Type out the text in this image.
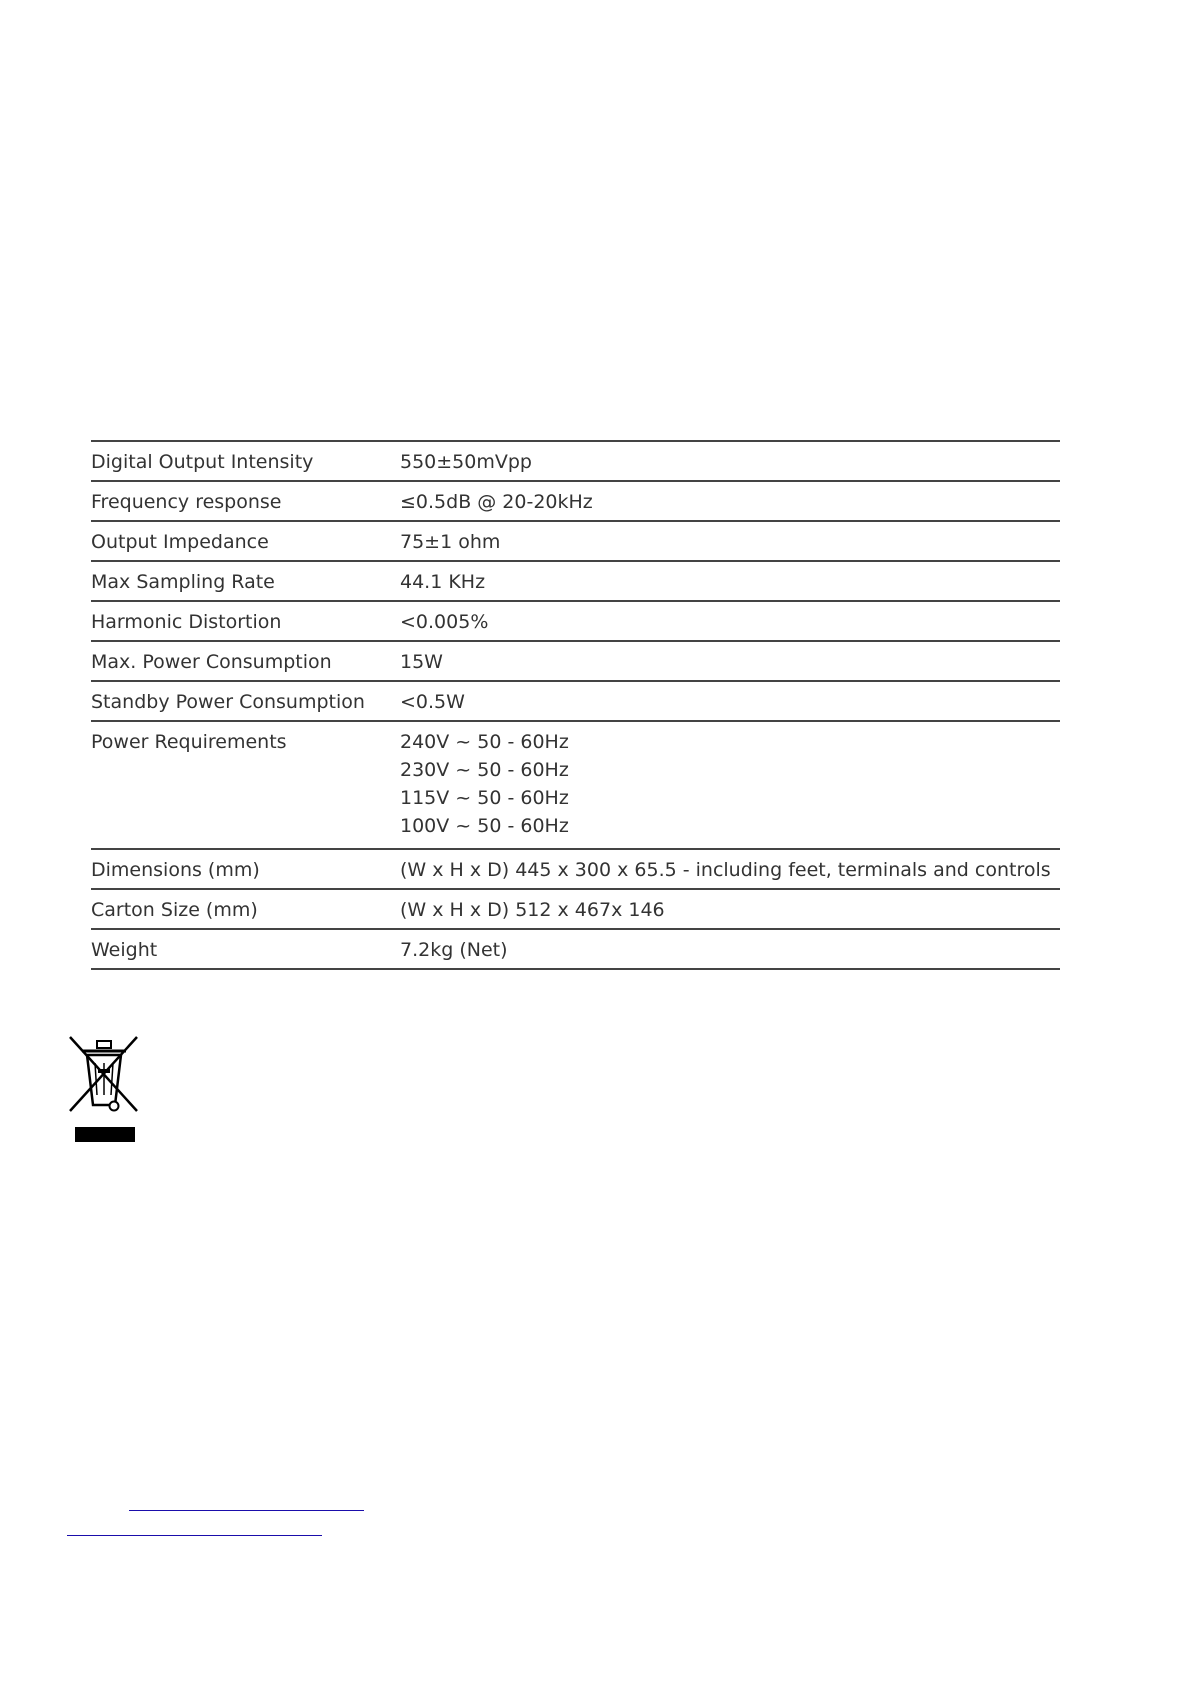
Digital Output Intensity	550±50mVpp
Frequency response	≤0.5dB @ 20-20kHz
Output Impedance	75±1 ohm
Max Sampling Rate	44.1 KHz
Harmonic Distortion	<0.005%
Max. Power Consumption	15W
Standby Power Consumption	<0.5W
Power Requirements	240V ~ 50 - 60Hz
230V ~ 50 - 60Hz
115V ~ 50 - 60Hz
100V ~ 50 - 60Hz
Dimensions (mm)	(W x H x D) 445 x 300 x 65.5 - including feet, terminals and controls
Carton Size (mm)	(W x H x D) 512 x 467x 146
Weight	7.2kg (Net)
